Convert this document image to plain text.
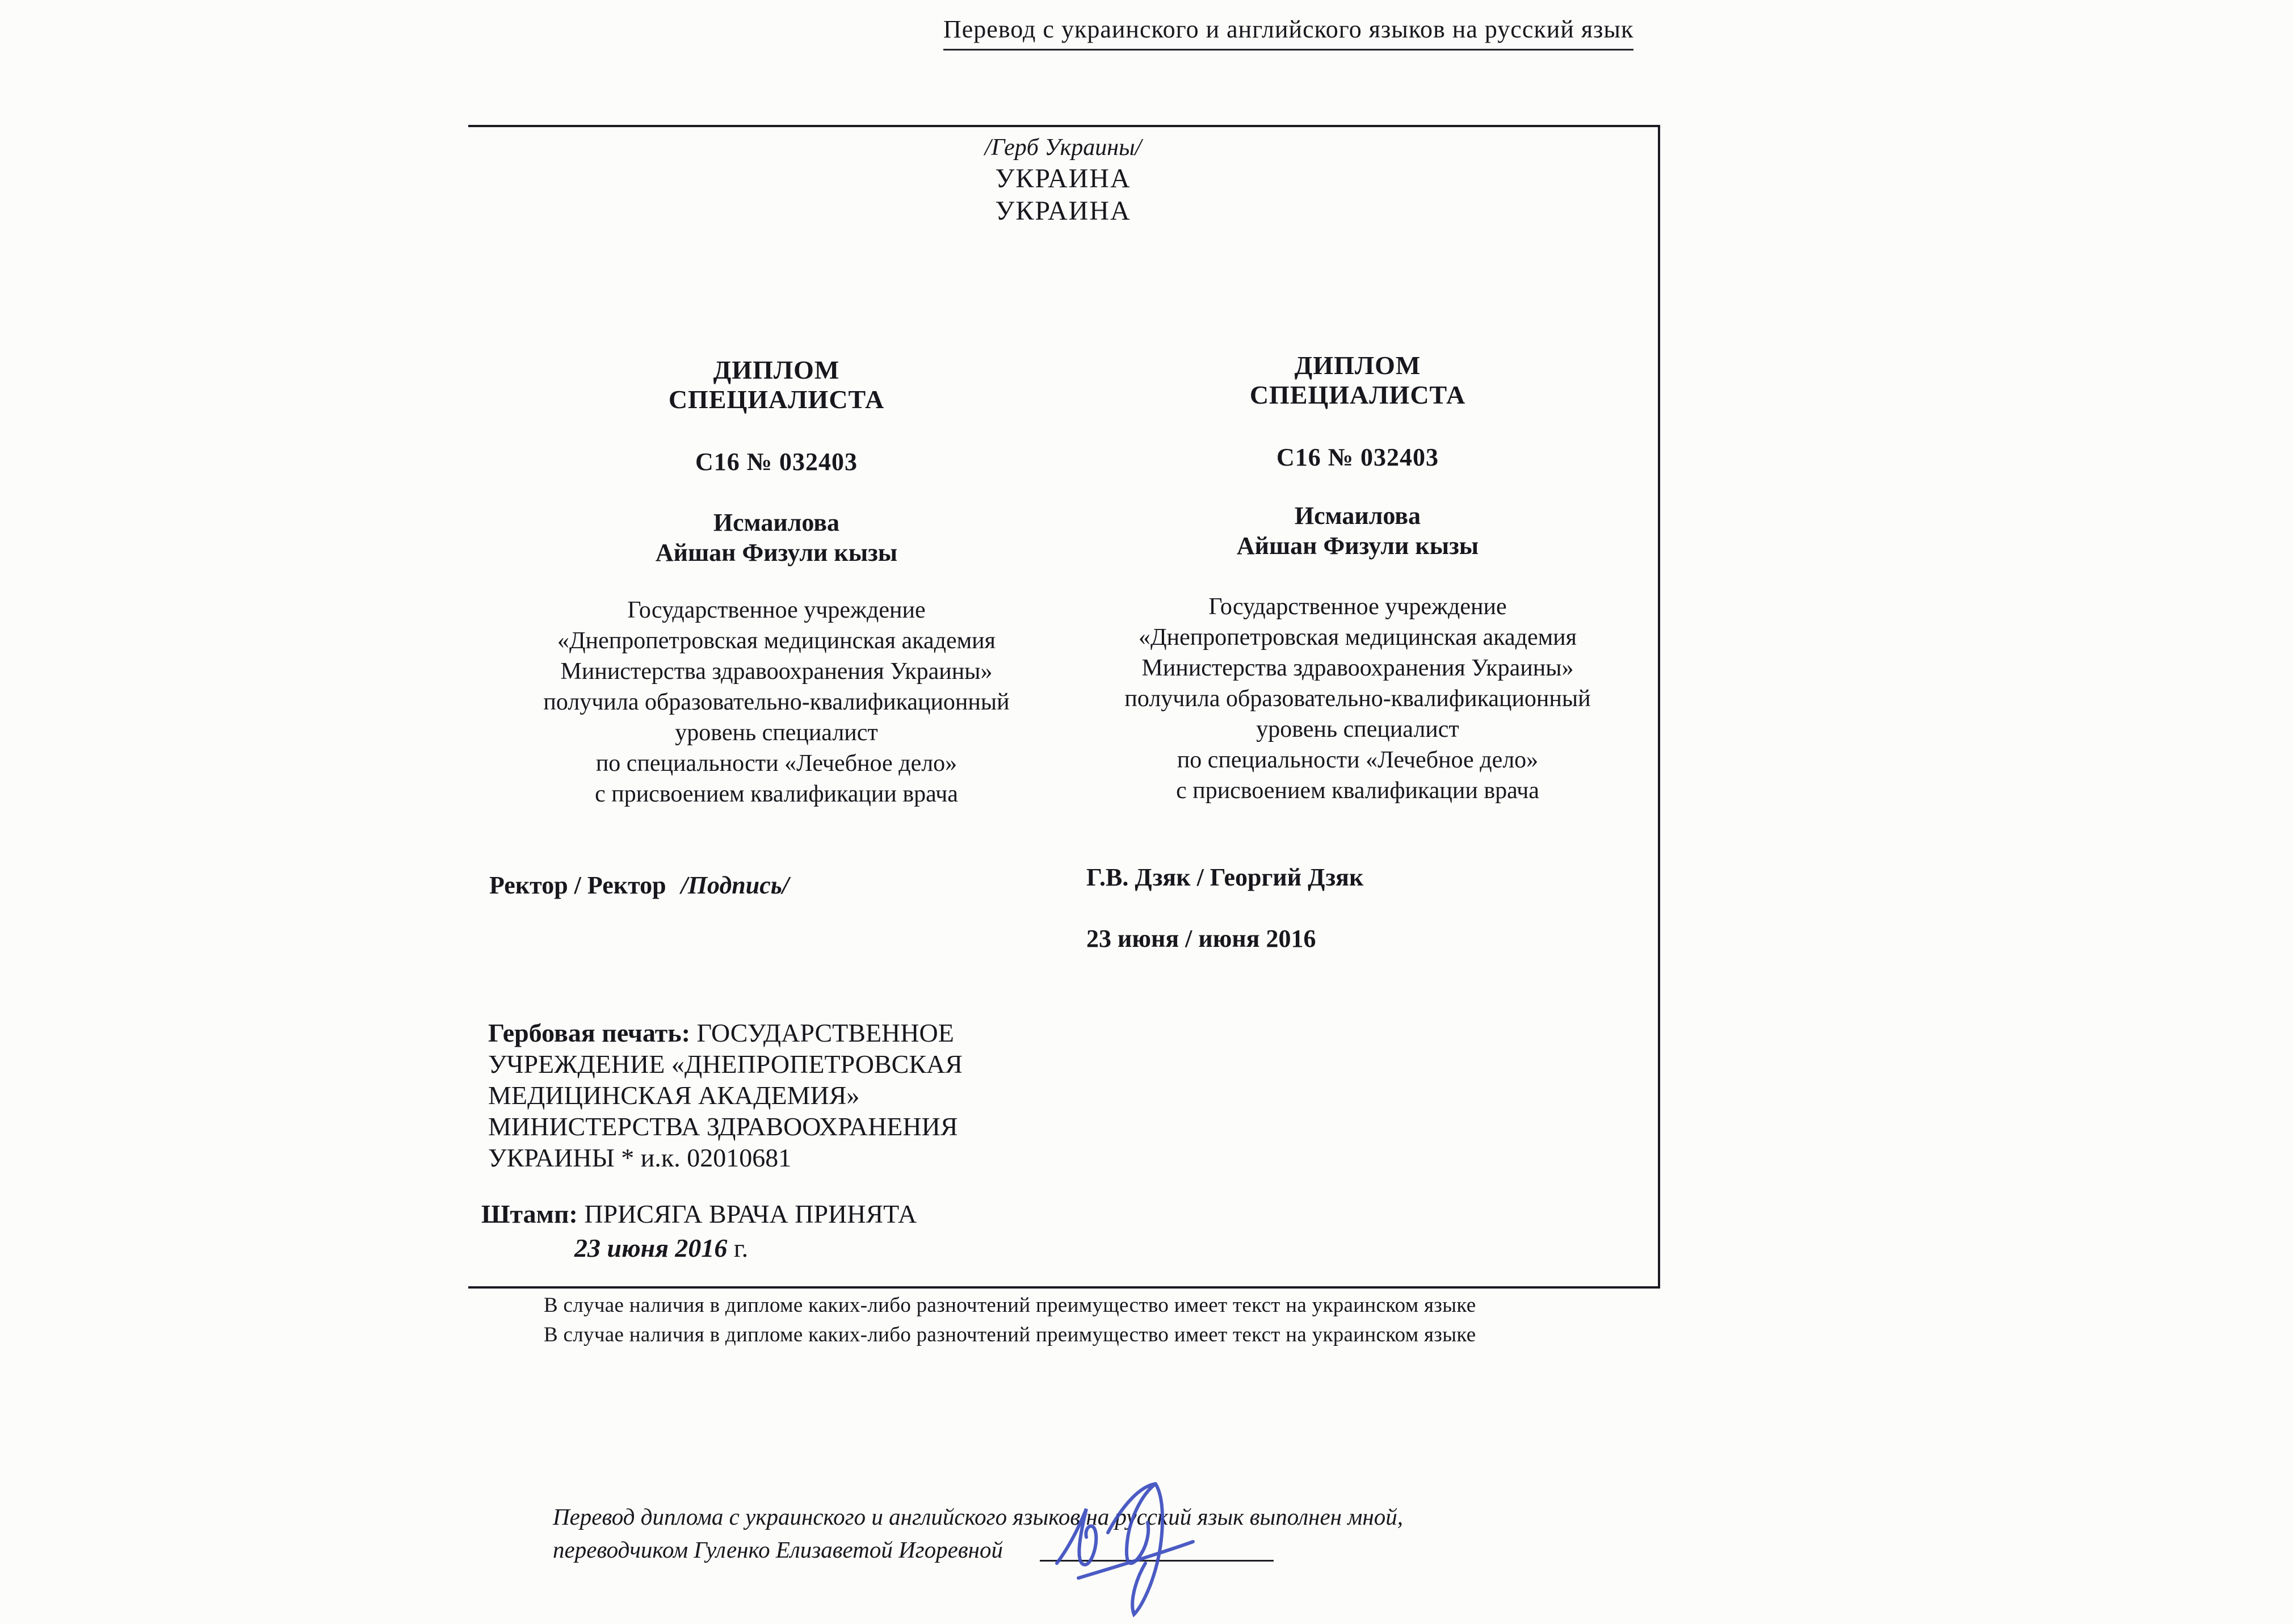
Перевод с украинского и английского языков на русский язык
/Герб Украины/
УКРАИНА
УКРАИНА
ДИПЛОМ
СПЕЦИАЛИСТА
С16 № 032403
Исмаилова
Айшан Физули кызы
Государственное учреждение
«Днепропетровская медицинская академия
Министерства здравоохранения Украины»
получила образовательно-квалификационный
уровень специалист
по специальности «Лечебное дело»
с присвоением квалификации врача
Ректор / Ректор /Подпись/
Гербовая печать: ГОСУДАРСТВЕННОЕ
УЧРЕЖДЕНИЕ «ДНЕПРОПЕТРОВСКАЯ
МЕДИЦИНСКАЯ АКАДЕМИЯ»
МИНИСТЕРСТВА ЗДРАВООХРАНЕНИЯ
УКРАИНЫ * и.к. 02010681
Штамп: ПРИСЯГА ВРАЧА ПРИНЯТА
23 июня 2016 г.
ДИПЛОМ
СПЕЦИАЛИСТА
С16 № 032403
Исмаилова
Айшан Физули кызы
Государственное учреждение
«Днепропетровская медицинская академия
Министерства здравоохранения Украины»
получила образовательно-квалификационный
уровень специалист
по специальности «Лечебное дело»
с присвоением квалификации врача
Г.В. Дзяк / Георгий Дзяк
23 июня / июня 2016
В случае наличия в дипломе каких-либо разночтений преимущество имеет текст на украинском языке
В случае наличия в дипломе каких-либо разночтений преимущество имеет текст на украинском языке
Перевод диплома с украинского и английского языков на русский язык выполнен мной,
переводчиком Гуленко Елизаветой Игоревной
